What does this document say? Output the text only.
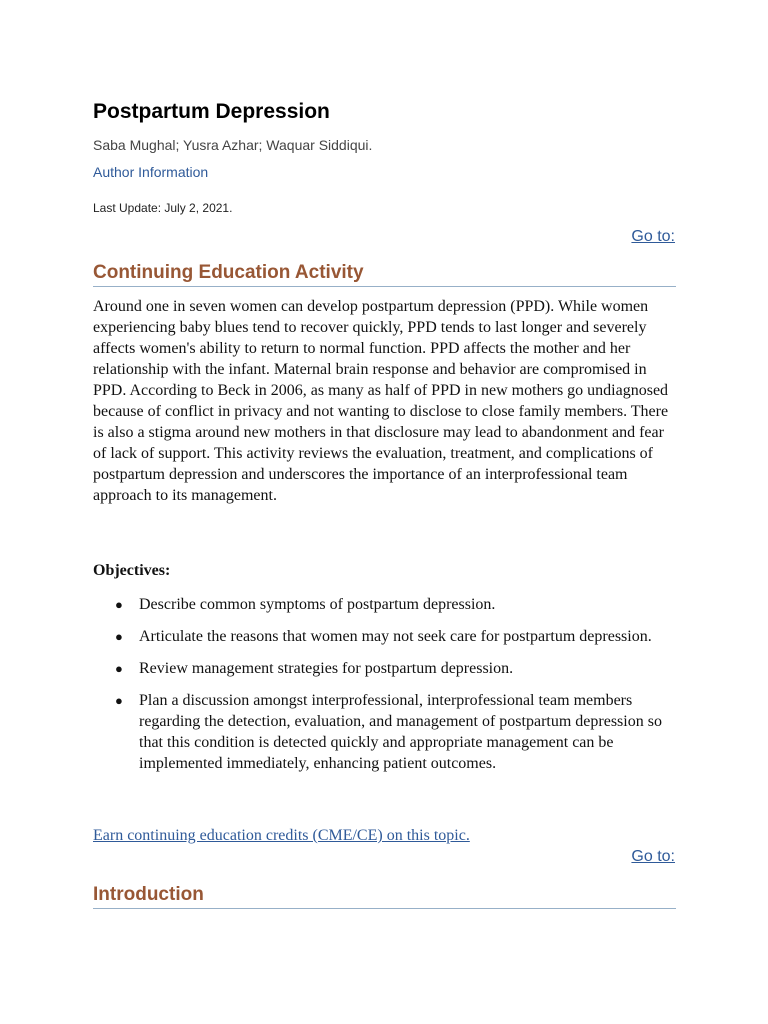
Postpartum Depression
Saba Mughal; Yusra Azhar; Waquar Siddiqui.
Author Information
Last Update: July 2, 2021.
Go to:
Continuing Education Activity

Around one in seven women can develop postpartum depression (PPD). While women experiencing baby blues tend to recover quickly, PPD tends to last longer and severely affects women's ability to return to normal function. PPD affects the mother and her relationship with the infant. Maternal brain response and behavior are compromised in PPD. According to Beck in 2006, as many as half of PPD in new mothers go undiagnosed because of conflict in privacy and not wanting to disclose to close family members. There is also a stigma around new mothers in that disclosure may lead to abandonment and fear of lack of support. This activity reviews the evaluation, treatment, and complications of postpartum depression and underscores the importance of an interprofessional team approach to its management.

Objectives:

● Describe common symptoms of postpartum depression.
● Articulate the reasons that women may not seek care for postpartum depression.
● Review management strategies for postpartum depression.
● Plan a discussion amongst interprofessional, interprofessional team members regarding the detection, evaluation, and management of postpartum depression so that this condition is detected quickly and appropriate management can be implemented immediately, enhancing patient outcomes.
Earn continuing education credits (CME/CE) on this topic.
Go to:
Introduction
